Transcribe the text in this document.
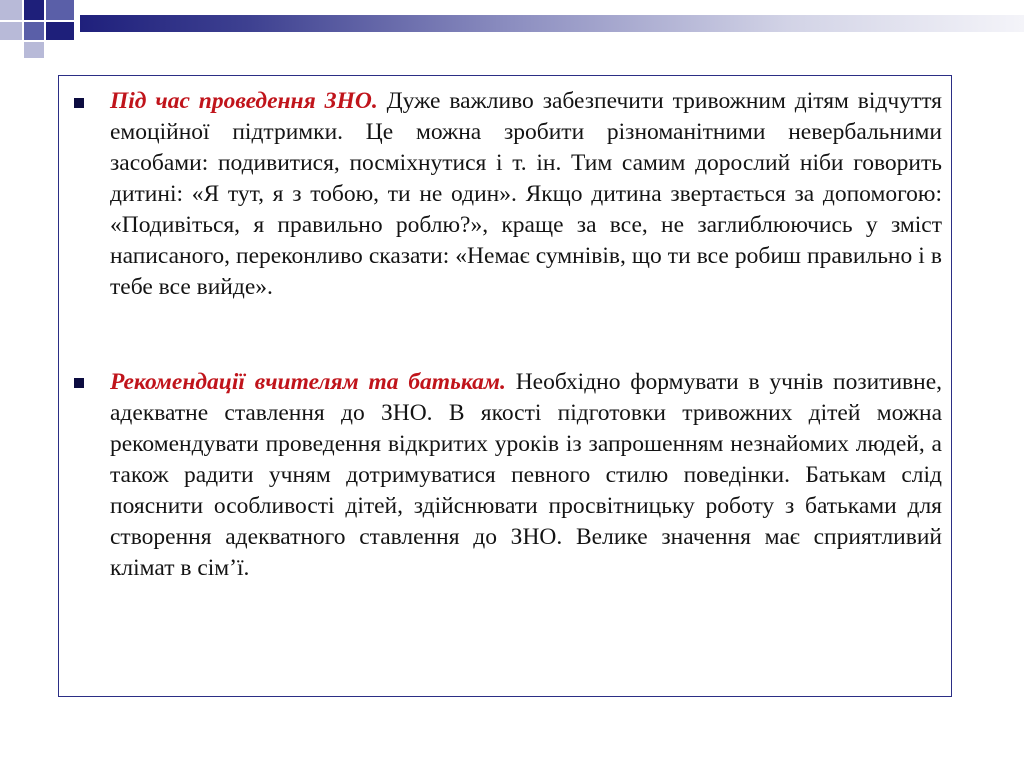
Під час проведення ЗНО. Дуже важливо забезпечити тривожним дітям відчуття емоційної підтримки. Це можна зробити різноманітними невербальними засобами: подивитися, посміхнутися і т. ін. Тим самим дорослий ніби говорить дитині: «Я тут, я з тобою, ти не один». Якщо дитина звертається за допомогою: «Подивіться, я правильно роблю?», краще за все, не заглиблюючись у зміст написаного, переконливо сказати: «Немає сумнівів, що ти все робиш правильно і в тебе все вийде».
Рекомендації вчителям та батькам. Необхідно формувати в учнів позитивне, адекватне ставлення до ЗНО. В якості підготовки тривожних дітей можна рекомендувати проведення відкритих уроків із запрошенням незнайомих людей, а також радити учням дотримуватися певного стилю поведінки. Батькам слід пояснити особливості дітей, здійснювати просвітницьку роботу з батьками для створення адекватного ставлення до ЗНО. Велике значення має сприятливий клімат в сім’ї.
